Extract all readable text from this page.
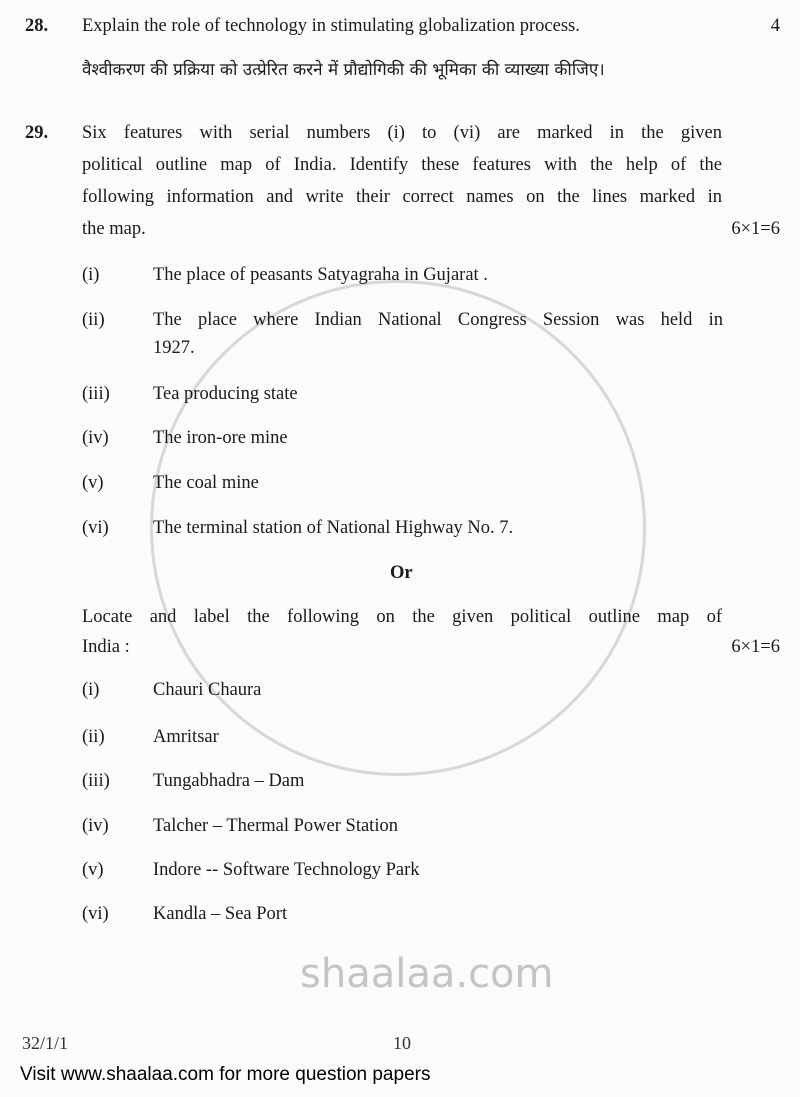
shaalaa.com
28. Explain the role of technology in stimulating globalization process.	4
वैश्वीकरण की प्रक्रिया को उत्प्रेरित करने में प्रौद्योगिकी की भूमिका की व्याख्या कीजिए।
29. Six features with serial numbers (i) to (vi) are marked in the given
political outline map of India. Identify these features with the help of the
following information and write their correct names on the lines marked in
the map.	6×1=6
(i)	The place of peasants Satyagraha in Gujarat .
(ii)	The place where Indian National Congress Session was held in
1927.
(iii) Tea producing state
(iv) The iron-ore mine
(v)	The coal mine
(vi) The terminal station of National Highway No. 7.
Or
Locate and label the following on the given political outline map of
India :	6×1=6
(i)	Chauri Chaura
(ii)	Amritsar
(iii) Tungabhadra – Dam
(iv) Talcher – Thermal Power Station
(v)	Indore -- Software Technology Park
(vi) Kandla – Sea Port
32/1/1	10
Visit www.shaalaa.com for more question papers
